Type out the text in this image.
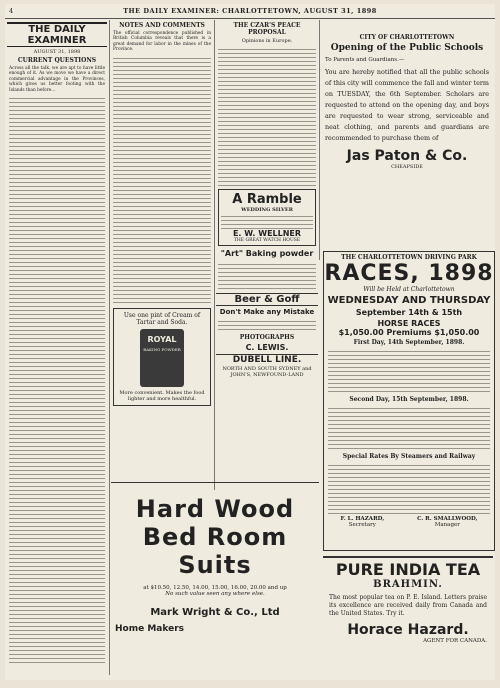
4	THE DAILY EXAMINER: CHARLOTTETOWN, AUGUST 31, 1898
THE DAILY EXAMINER
AUGUST 31, 1898
CURRENT QUESTIONS

Across all the talk, we are apt to have little enough of it. As we move we have a direct commercial advantage in the Provinces, which gives us better footing with the Islands than before...

NOTES AND COMMENTS

The official correspondence published in British Columbia reveals that there is a great demand for labor in the mines of the Province.

Use one pint of Cream of Tartar and Soda.
ROYAL
BAKING POWDER
More convenient. Makes the food lighter and more healthful.
THE CZAR'S PEACE PROPOSAL
Opinions in Europe.
A Ramble
WEDDING SILVER
E. W. WELLNER
THE GREAT WATCH HOUSE
"Art" Baking powder
Beer & Goff
Don't Make any Mistake
PHOTOGRAPHS
C. LEWIS.
DUBELL LINE.
NORTH AND SOUTH SYDNEY and JOHN'S, NEWFOUND-LAND
CITY OF CHARLOTTETOWN
Opening of the Public Schools
To Parents and Guardians.—

You are hereby notified that all the public schools of this city will commence the fall and winter term on TUESDAY, the 6th September. Scholars are requested to attend on the opening day, and boys are requested to wear strong, serviceable and neat clothing, and parents and guardians are recommended to purchase them of

Jas Paton & Co.
CHEAPSIDE
THE CHARLOTTETOWN DRIVING PARK
RACES, 1898
Will be Held at Charlottetown
WEDNESDAY AND THURSDAY
September 14th & 15th
HORSE RACES
$1,050.00 Premiums $1,050.00
First Day, 14th September, 1898.
Second Day, 15th September, 1898.
Special Rates By Steamers and Railway
F. L. HAZARD,
Secretary
C. R. SMALLWOOD,
Manager
Hard Wood
Bed Room Suits
at $10.50, 12.50, 14.00, 15.00, 16.00, 20.00 and up
No such value seen any where else.
Mark Wright & Co., Ltd
Home Makers
PURE INDIA TEA
BRAHMIN.

The most popular tea on P. E. Island. Letters praise its excellence are received daily from Canada and the United States. Try it.

Horace Hazard.
AGENT FOR CANADA.
